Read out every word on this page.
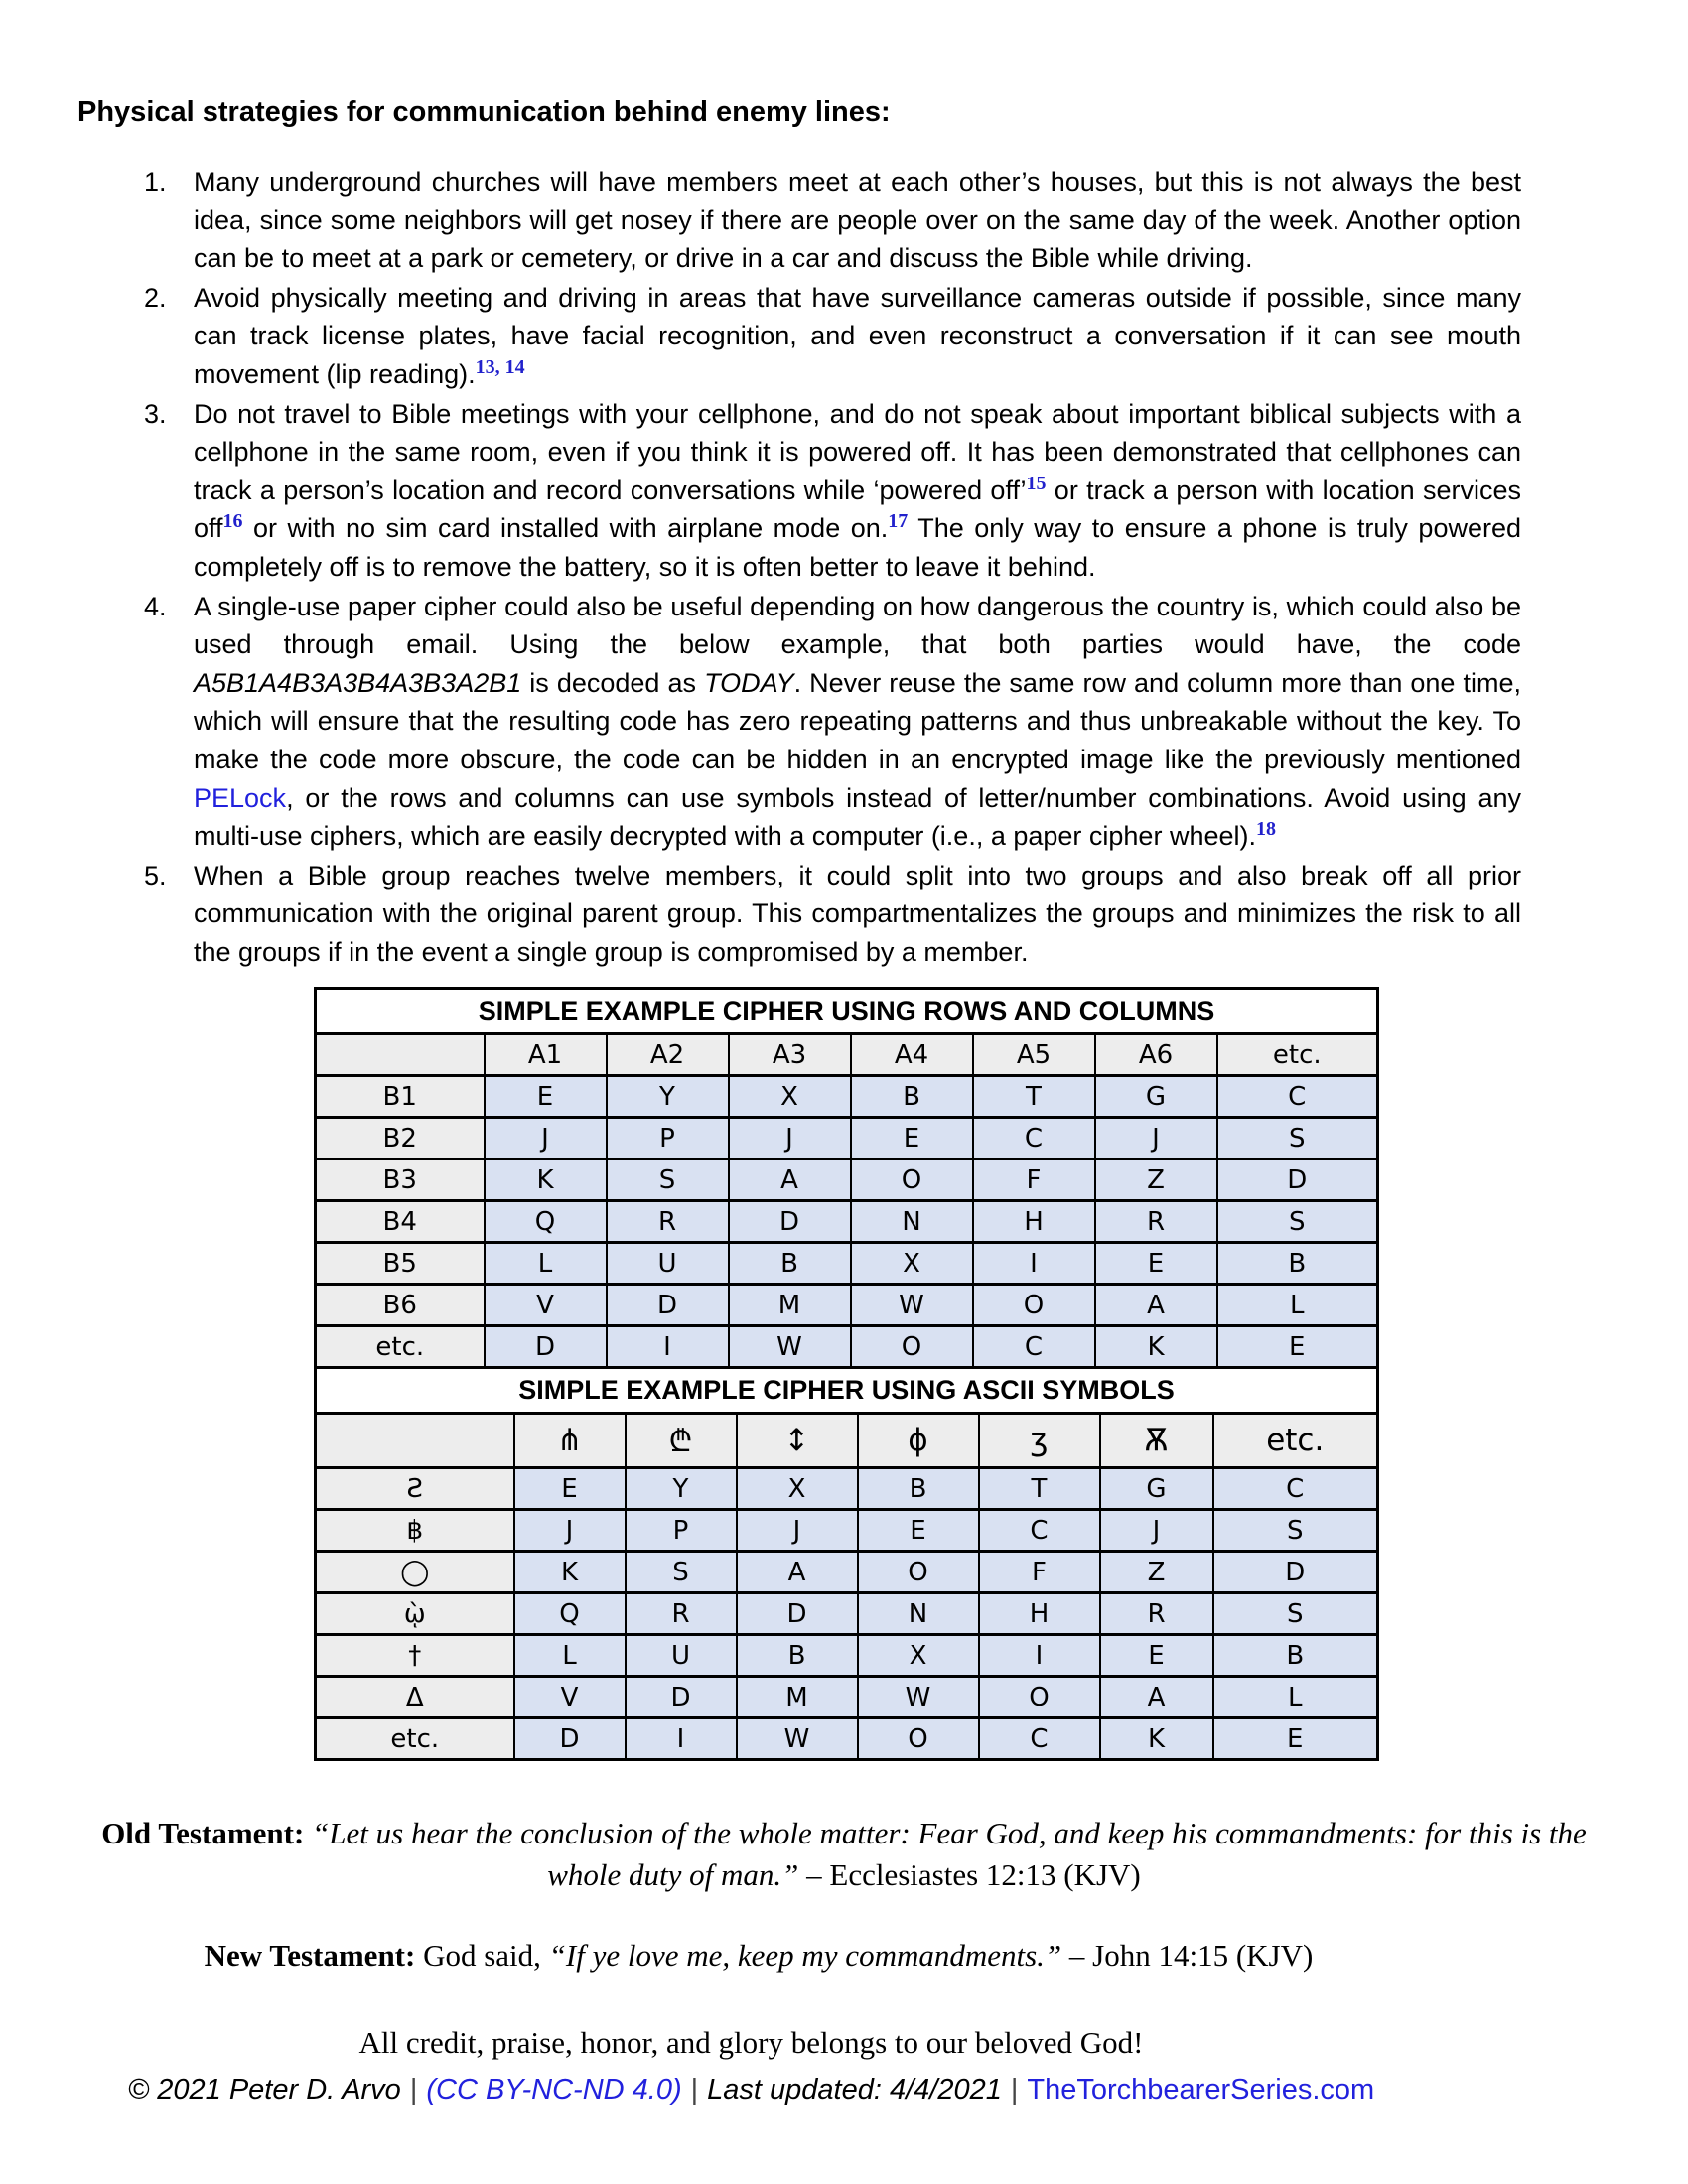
Physical strategies for communication behind enemy lines:
1.	Many underground churches will have members meet at each other’s houses, but this is not always the best idea, since some neighbors will get nosey if there are people over on the same day of the week. Another option can be to meet at a park or cemetery, or drive in a car and discuss the Bible while driving.
2.	Avoid physically meeting and driving in areas that have surveillance cameras outside if possible, since many can track license plates, have facial recognition, and even reconstruct a conversation if it can see mouth movement (lip reading).$^{13, 14}$
3.	Do not travel to Bible meetings with your cellphone, and do not speak about important biblical subjects with a cellphone in the same room, even if you think it is powered off. It has been demonstrated that cellphones can track a person’s location and record conversations while ‘powered off’$^{15}$ or track a person with location services off$^{16}$ or with no sim card installed with airplane mode on.$^{17}$ The only way to ensure a phone is truly powered completely off is to remove the battery, so it is often better to leave it behind.
4.	A single-use paper cipher could also be useful depending on how dangerous the country is, which could also be used through email. Using the below example, that both parties would have, the code A5B1A4B3A3B4A3B3A2B1 is decoded as TODAY. Never reuse the same row and column more than one time, which will ensure that the resulting code has zero repeating patterns and thus unbreakable without the key. To make the code more obscure, the code can be hidden in an encrypted image like the previously mentioned PELock, or the rows and columns can use symbols instead of letter/number combinations. Avoid using any multi-use ciphers, which are easily decrypted with a computer (i.e., a paper cipher wheel).$^{18}$
5.	When a Bible group reaches twelve members, it could split into two groups and also break off all prior communication with the original parent group. This compartmentalizes the groups and minimizes the risk to all the groups if in the event a single group is compromised by a member.
SIMPLE EXAMPLE CIPHER USING ROWS AND COLUMNS							
	A1	A2	A3	A4	A5	A6	etc.
B1	E	Y	X	B	T	G	C
B2	J	P	J	E	C	J	S
B3	K	S	A	O	F	Z	D
B4	Q	R	D	N	H	R	S
B5	L	U	B	X	I	E	B
B6	V	D	M	W	O	A	L
etc.	D	I	W	O	C	K	E
SIMPLE EXAMPLE CIPHER USING ASCII SYMBOLS							
	⋔	₾	↕	ϕ	ʒ	Ѫ	etc.
Ƨ	E	Y	X	B	T	G	C
฿	J	P	J	E	C	J	S
◯	K	S	A	O	F	Z	D
ῲ	Q	R	D	N	H	R	S
†	L	U	B	X	I	E	B
Δ	V	D	M	W	O	A	L
etc.	D	I	W	O	C	K	E

Old Testament: “Let us hear the conclusion of the whole matter: Fear God, and keep his commandments: for this is the whole duty of man.” – Ecclesiastes 12:13 (KJV)

New Testament: God said, “If ye love me, keep my commandments.” – John 14:15 (KJV)

All credit, praise, honor, and glory belongs to our beloved God!

© 2021 Peter D. Arvo | (CC BY-NC-ND 4.0) | Last updated: 4/4/2021 | TheTorchbearerSeries.com
